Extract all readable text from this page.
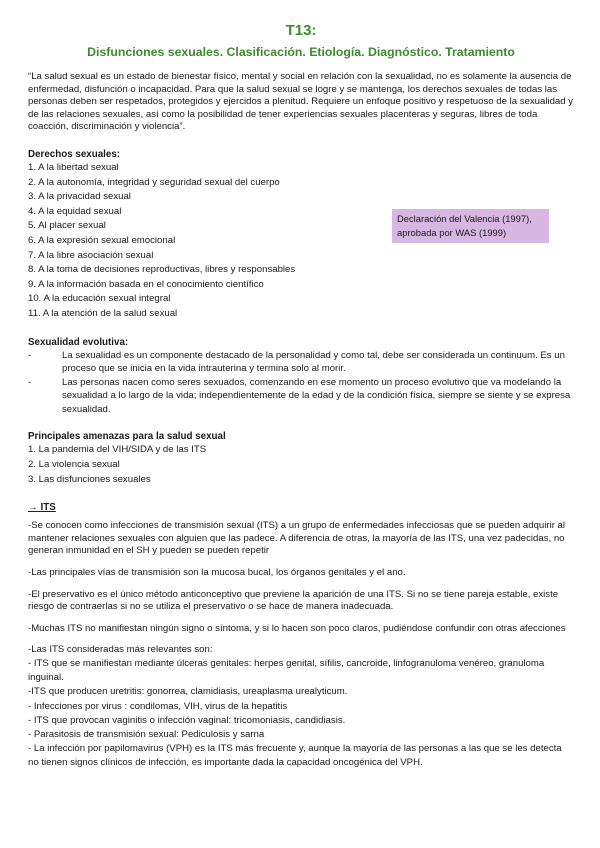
T13:
Disfunciones sexuales. Clasificación. Etiología. Diagnóstico. Tratamiento

“La salud sexual es un estado de bienestar físico, mental y social en relación con la sexualidad, no es solamente la ausencia de enfermedad, disfunción o incapacidad. Para que la salud sexual se logre y se mantenga, los derechos sexuales de todas las personas deben ser respetados, protegidos y ejercidos a plenitud. Requiere un enfoque positivo y respetuoso de la sexualidad y de las relaciones sexuales, así como la posibilidad de tener experiencias sexuales placenteras y seguras, libres de toda coacción, discriminación y violencia”.

Derechos sexuales:

1. A la libertad sexual
2. A la autonomía, integridad y seguridad sexual del cuerpo
3. A la privacidad sexual
4. A la equidad sexual
5. Al placer sexual
6. A la expresión sexual emocional
7. A la libre asociación sexual
8. A la toma de decisiones reproductivas, libres y responsables
9. A la información basada en el conocimiento científico
10. A la educación sexual integral
11. A la atención de la salud sexual
Declaración del Valencia (1997), aprobada por WAS (1999)

Sexualidad evolutiva:

-	La sexualidad es un componente destacado de la personalidad y como tal, debe ser considerada un continuum. Es un proceso que se inicia en la vida intrauterina y termina solo al morir.
-	Las personas nacen como seres sexuados, comenzando en ese momento un proceso evolutivo que va modelando la sexualidad a lo largo de la vida; independientemente de la edad y de la condición física, siempre se siente y se expresa sexualidad.

Principales amenazas para la salud sexual

1. La pandemia del VIH/SIDA y de las ITS
2. La violencia sexual
3. Las disfunciones sexuales

→ ITS

-Se conocen como infecciones de transmisión sexual (ITS) a un grupo de enfermedades infecciosas que se pueden adquirir al mantener relaciones sexuales con alguien que las padece. A diferencia de otras, la mayoría de las ITS, una vez padecidas, no generan inmunidad en el SH y pueden se pueden repetir

-Las principales vías de transmisión son la mucosa bucal, los órganos genitales y el ano.

-El preservativo es el único método anticonceptivo que previene la aparición de una ITS. Si no se tiene pareja estable, existe riesgo de contraerlas si no se utiliza el preservativo o se hace de manera inadecuada.

-Muchas ITS no manifiestan ningún signo o síntoma, y si lo hacen son poco claros, pudiéndose confundir con otras afecciones

-Las ITS consideradas más relevantes son:

- ITS que se manifiestan mediante úlceras genitales: herpes genital, sífilis, cancroide, linfogranuloma venéreo, granuloma inguinal.
-ITS que producen uretritis: gonorrea, clamidiasis, ureaplasma urealyticum.
- Infecciones por virus : condilomas, VIH, virus de la hepatitis
- ITS que provocan vaginitis o infección vaginal: tricomoniasis, candidiasis.
- Parasitosis de transmisión sexual: Pediculosis y sarna
- La infección por papilomavirus (VPH) es la ITS más frecuente y, aunque la mayoría de las personas a las que se les detecta no tienen signos clínicos de infección, es importante dada la capacidad oncogénica del VPH.
